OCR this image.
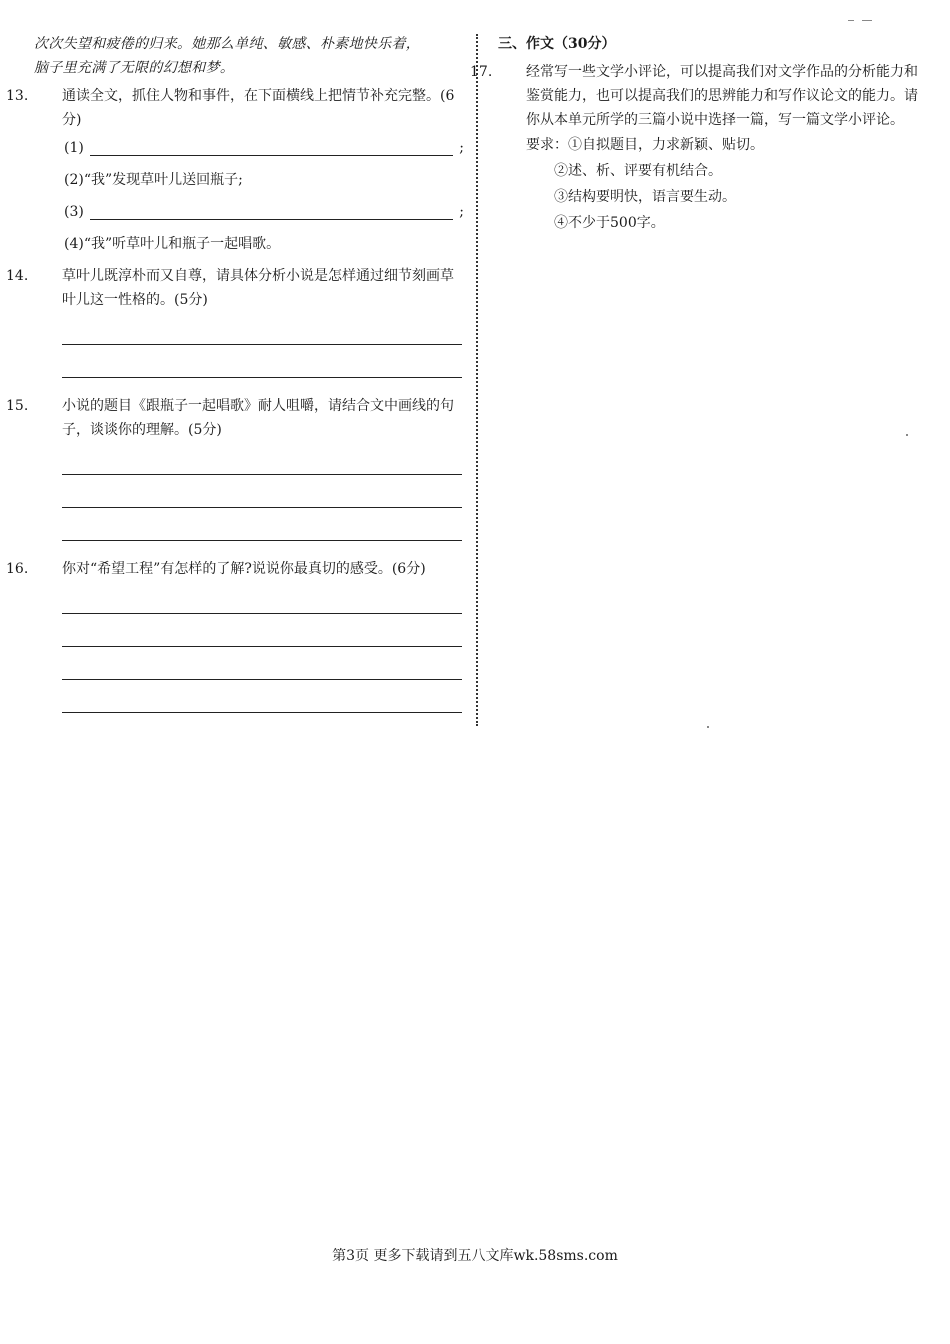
次次失望和疲倦的归来。她那么单纯、敏感、朴素地快乐着，
脑子里充满了无限的幻想和梦。
13. 通读全文，抓住人物和事件，在下面横线上把情节补充完整。(6分)
(1)	;
(2)“我”发现草叶儿送回瓶子;
(3)	;
(4)“我”听草叶儿和瓶子一起唱歌。
14. 草叶儿既淳朴而又自尊，请具体分析小说是怎样通过细节刻画草叶儿这一性格的。(5分)
15. 小说的题目《跟瓶子一起唱歌》耐人咀嚼，请结合文中画线的句子，谈谈你的理解。(5分)
16. 你对“希望工程”有怎样的了解?说说你最真切的感受。(6分)
三、作文（30分）
17. 经常写一些文学小评论，可以提高我们对文学作品的分析能力和鉴赏能力，也可以提高我们的思辨能力和写作议论文的能力。请你从本单元所学的三篇小说中选择一篇，写一篇文学小评论。
要求：①自拟题目，力求新颖、贴切。
②述、析、评要有机结合。
③结构要明快，语言要生动。
④不少于500字。
第3页 更多下载请到五八文库wk.58sms.com
